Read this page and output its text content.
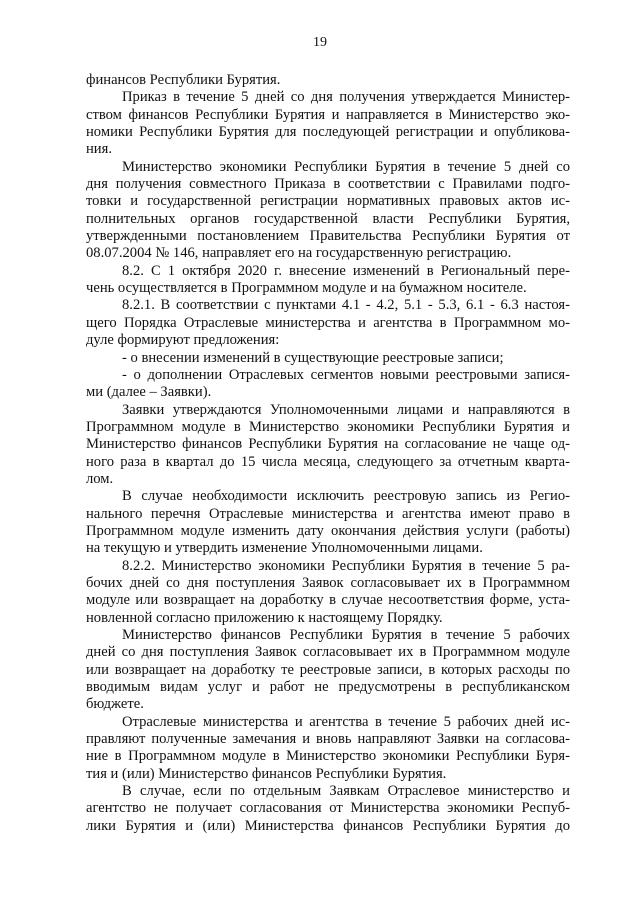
19
финансов Республики Бурятия.
Приказ в течение 5 дней со дня получения утверждается Министер-
ством финансов Республики Бурятия и направляется в Министерство эко-
номики Республики Бурятия для последующей регистрации и опубликова-
ния.
Министерство экономики Республики Бурятия в течение 5 дней со
дня получения совместного Приказа в соответствии с Правилами подго-
товки и государственной регистрации нормативных правовых актов ис-
полнительных органов государственной власти Республики Бурятия,
утвержденными постановлением Правительства Республики Бурятия от
08.07.2004 № 146, направляет его на государственную регистрацию.
8.2. С 1 октября 2020 г. внесение изменений в Региональный пере-
чень осуществляется в Программном модуле и на бумажном носителе.
8.2.1. В соответствии с пунктами 4.1 - 4.2, 5.1 - 5.3, 6.1 - 6.3 настоя-
щего Порядка Отраслевые министерства и агентства в Программном мо-
дуле формируют предложения:
- о внесении изменений в существующие реестровые записи;
- о дополнении Отраслевых сегментов новыми реестровыми запися-
ми (далее – Заявки).
Заявки утверждаются Уполномоченными лицами и направляются в
Программном модуле в Министерство экономики Республики Бурятия и
Министерство финансов Республики Бурятия на согласование не чаще од-
ного раза в квартал до 15 числа месяца, следующего за отчетным кварта-
лом.
В случае необходимости исключить реестровую запись из Регио-
нального перечня Отраслевые министерства и агентства имеют право в
Программном модуле изменить дату окончания действия услуги (работы)
на текущую и утвердить изменение Уполномоченными лицами.
8.2.2. Министерство экономики Республики Бурятия в течение 5 ра-
бочих дней со дня поступления Заявок согласовывает их в Программном
модуле или возвращает на доработку в случае несоответствия форме, уста-
новленной согласно приложению к настоящему Порядку.
Министерство финансов Республики Бурятия в течение 5 рабочих
дней со дня поступления Заявок согласовывает их в Программном модуле
или возвращает на доработку те реестровые записи, в которых расходы по
вводимым видам услуг и работ не предусмотрены в республиканском
бюджете.
Отраслевые министерства и агентства в течение 5 рабочих дней ис-
правляют полученные замечания и вновь направляют Заявки на согласова-
ние в Программном модуле в Министерство экономики Республики Буря-
тия и (или) Министерство финансов Республики Бурятия.
В случае, если по отдельным Заявкам Отраслевое министерство и
агентство не получает согласования от Министерства экономики Респуб-
лики Бурятия и (или) Министерства финансов Республики Бурятия до
